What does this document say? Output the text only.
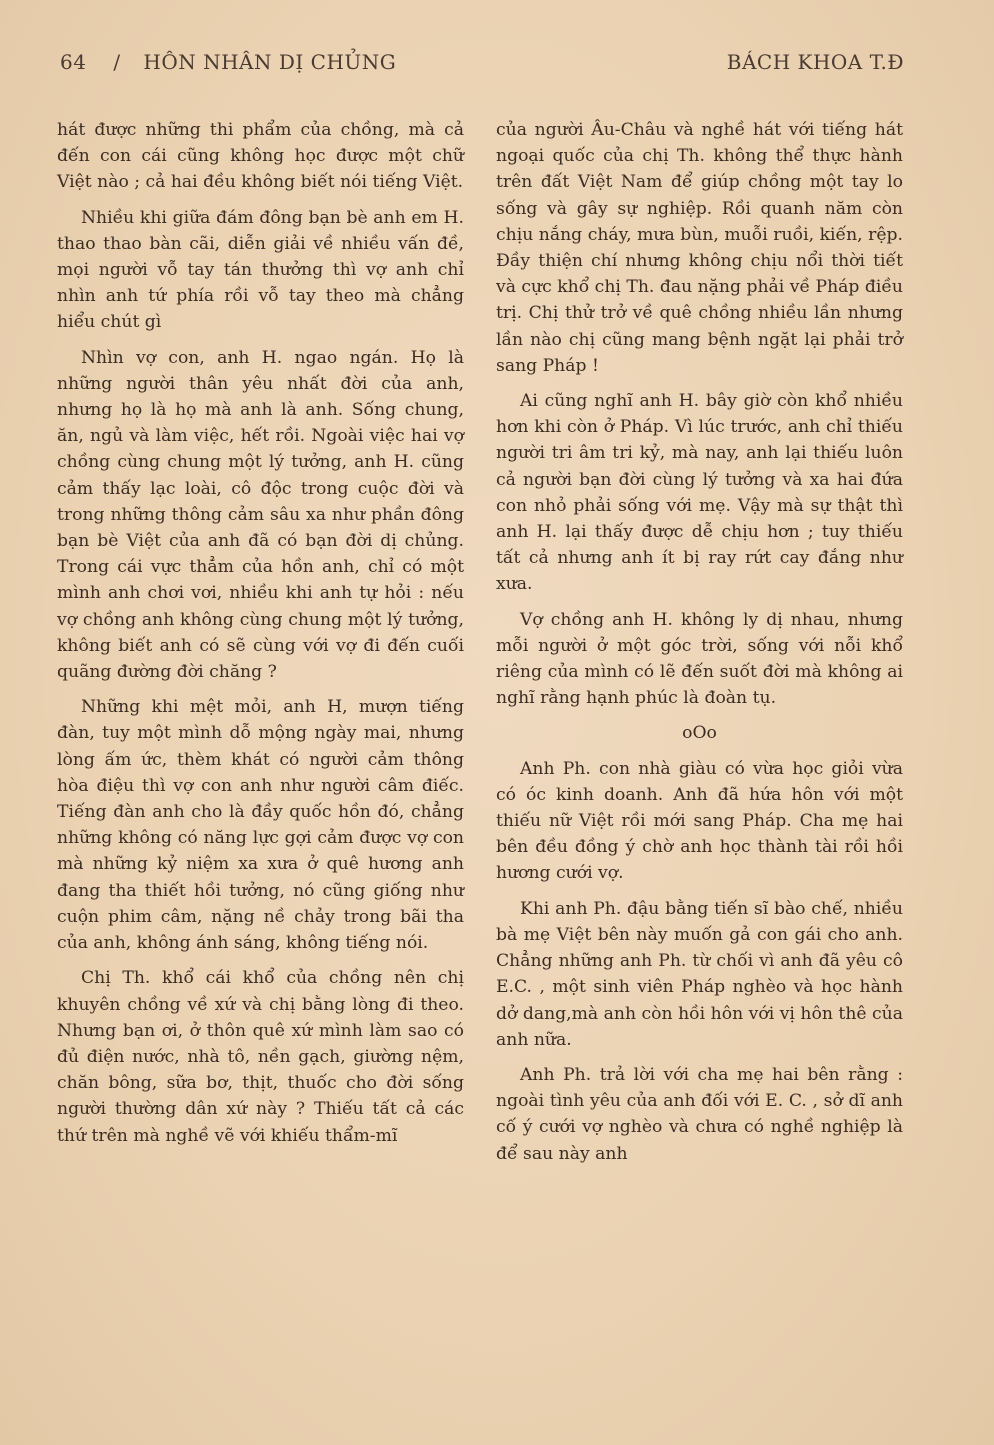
64 / HÔN NHÂN DỊ CHỦNG	BÁCH KHOA T.Đ

hát được những thi phẩm của chồng, mà cả đến con cái cũng không học được một chữ Việt nào ; cả hai đều không biết nói tiếng Việt.

Nhiều khi giữa đám đông bạn bè anh em H. thao thao bàn cãi, diễn giải về nhiều vấn đề, mọi người vỗ tay tán thưởng thì vợ anh chỉ nhìn anh tứ phía rồi vỗ tay theo mà chẳng hiểu chút gì

Nhìn vợ con, anh H. ngao ngán. Họ là những người thân yêu nhất đời của anh, nhưng họ là họ mà anh là anh. Sống chung, ăn, ngủ và làm việc, hết rồi. Ngoài việc hai vợ chồng cùng chung một lý tưởng, anh H. cũng cảm thấy lạc loài, cô độc trong cuộc đời và trong những thông cảm sâu xa như phần đông bạn bè Việt của anh đã có bạn đời dị chủng. Trong cái vực thẳm của hồn anh, chỉ có một mình anh chơi vơi, nhiều khi anh tự hỏi : nếu vợ chồng anh không cùng chung một lý tưởng, không biết anh có sẽ cùng với vợ đi đến cuối quãng đường đời chăng ?

Những khi mệt mỏi, anh H, mượn tiếng đàn, tuy một mình dỗ mộng ngày mai, nhưng lòng ấm ức, thèm khát có người cảm thông hòa điệu thì vợ con anh như người câm điếc. Tiếng đàn anh cho là đầy quốc hồn đó, chẳng những không có năng lực gợi cảm được vợ con mà những kỷ niệm xa xưa ở quê hương anh đang tha thiết hồi tưởng, nó cũng giống như cuộn phim câm, nặng nề chảy trong bãi tha của anh, không ánh sáng, không tiếng nói.

Chị Th. khổ cái khổ của chồng nên chị khuyên chồng về xứ và chị bằng lòng đi theo. Nhưng bạn ơi, ở thôn quê xứ mình làm sao có đủ điện nước, nhà tô, nền gạch, giường nệm, chăn bông, sữa bơ, thịt, thuốc cho đời sống người thường dân xứ này ? Thiếu tất cả các thứ trên mà nghề vẽ với khiếu thẩm-mĩ

của người Âu-Châu và nghề hát với tiếng hát ngoại quốc của chị Th. không thể thực hành trên đất Việt Nam để giúp chồng một tay lo sống và gây sự nghiệp. Rồi quanh năm còn chịu nắng cháy, mưa bùn, muỗi ruồi, kiến, rệp. Đầy thiện chí nhưng không chịu nổi thời tiết và cực khổ chị Th. đau nặng phải về Pháp điều trị. Chị thử trở về quê chồng nhiều lần nhưng lần nào chị cũng mang bệnh ngặt lại phải trở sang Pháp !

Ai cũng nghĩ anh H. bây giờ còn khổ nhiều hơn khi còn ở Pháp. Vì lúc trước, anh chỉ thiếu người tri âm tri kỷ, mà nay, anh lại thiếu luôn cả người bạn đời cùng lý tưởng và xa hai đứa con nhỏ phải sống với mẹ. Vậy mà sự thật thì anh H. lại thấy được dễ chịu hơn ; tuy thiếu tất cả nhưng anh ít bị ray rứt cay đắng như xưa.

Vợ chồng anh H. không ly dị nhau, nhưng mỗi người ở một góc trời, sống với nỗi khổ riêng của mình có lẽ đến suốt đời mà không ai nghĩ rằng hạnh phúc là đoàn tụ.

oOo

Anh Ph. con nhà giàu có vừa học giỏi vừa có óc kinh doanh. Anh đã hứa hôn với một thiếu nữ Việt rồi mới sang Pháp. Cha mẹ hai bên đều đồng ý chờ anh học thành tài rồi hồi hương cưới vợ.

Khi anh Ph. đậu bằng tiến sĩ bào chế, nhiều bà mẹ Việt bên này muốn gả con gái cho anh. Chẳng những anh Ph. từ chối vì anh đã yêu cô E.C. , một sinh viên Pháp nghèo và học hành dở dang,mà anh còn hồi hôn với vị hôn thê của anh nữa.

Anh Ph. trả lời với cha mẹ hai bên rằng : ngoài tình yêu của anh đối với E. C. , sở dĩ anh cố ý cưới vợ nghèo và chưa có nghề nghiệp là để sau này anh
